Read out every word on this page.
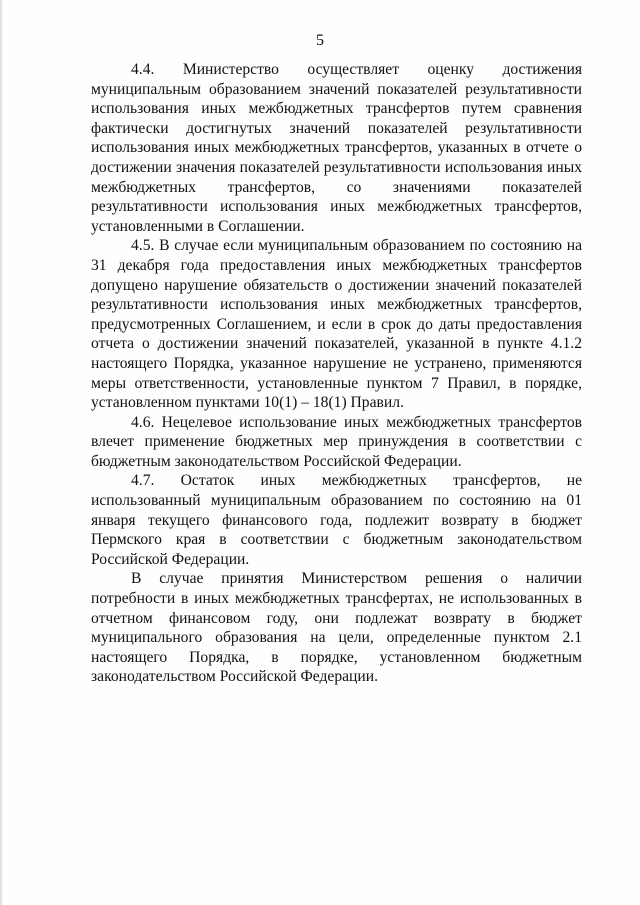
5

4.4. Министерство осуществляет оценку достижения муниципальным образованием значений показателей результативности использования иных межбюджетных трансфертов путем сравнения фактически достигнутых значений показателей результативности использования иных межбюджетных трансфертов, указанных в отчете о достижении значения показателей результативности использования иных межбюджетных трансфертов, со значениями показателей результативности использования иных межбюджетных трансфертов, установленными в Соглашении.

4.5. В случае если муниципальным образованием по состоянию на 31 декабря года предоставления иных межбюджетных трансфертов допущено нарушение обязательств о достижении значений показателей результативности использования иных межбюджетных трансфертов, предусмотренных Соглашением, и если в срок до даты предоставления отчета о достижении значений показателей, указанной в пункте 4.1.2 настоящего Порядка, указанное нарушение не устранено, применяются меры ответственности, установленные пунктом 7 Правил, в порядке, установленном пунктами 10(1) – 18(1) Правил.

4.6. Нецелевое использование иных межбюджетных трансфертов влечет применение бюджетных мер принуждения в соответствии с бюджетным законодательством Российской Федерации.

4.7. Остаток иных межбюджетных трансфертов, не использованный муниципальным образованием по состоянию на 01 января текущего финансового года, подлежит возврату в бюджет Пермского края в соответствии с бюджетным законодательством Российской Федерации.

В случае принятия Министерством решения о наличии потребности в иных межбюджетных трансфертах, не использованных в отчетном финансовом году, они подлежат возврату в бюджет муниципального образования на цели, определенные пунктом 2.1 настоящего Порядка, в порядке, установленном бюджетным законодательством Российской Федерации.
